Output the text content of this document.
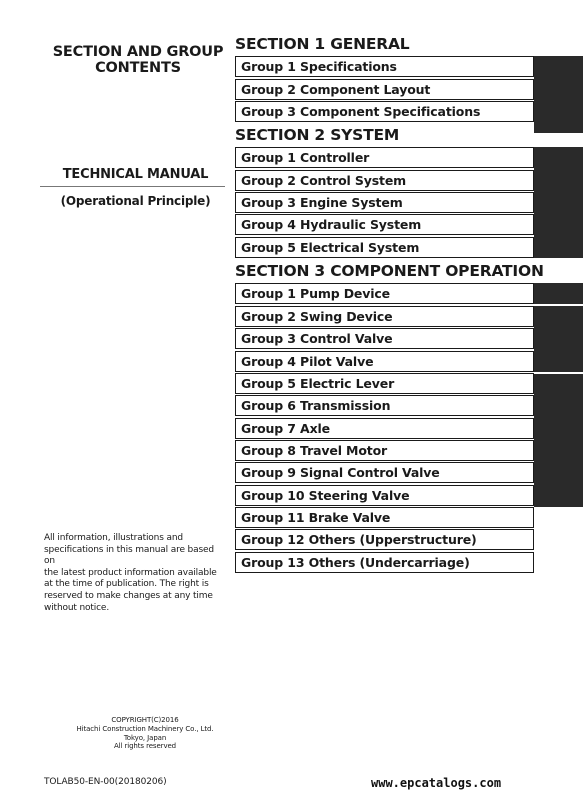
SECTION AND GROUP
CONTENTS
TECHNICAL MANUAL
(Operational Principle)
All information, illustrations and
specifications in this manual are based on
the latest product information available
at the time of publication. The right is
reserved to make changes at any time
without notice.
COPYRIGHT(C)2016
Hitachi Construction Machinery Co., Ltd.
Tokyo, Japan
All rights reserved
TOLAB50-EN-00(20180206)	www.epcatalogs.com
SECTION 1 GENERAL
Group 1 Specifications
Group 2 Component Layout
Group 3 Component Specifications
SECTION 2 SYSTEM
Group 1 Controller
Group 2 Control System
Group 3 Engine System
Group 4 Hydraulic System
Group 5 Electrical System
SECTION 3 COMPONENT OPERATION
Group 1 Pump Device
Group 2 Swing Device
Group 3 Control Valve
Group 4 Pilot Valve
Group 5 Electric Lever
Group 6 Transmission
Group 7 Axle
Group 8 Travel Motor
Group 9 Signal Control Valve
Group 10 Steering Valve
Group 11 Brake Valve
Group 12 Others (Upperstructure)
Group 13 Others (Undercarriage)
